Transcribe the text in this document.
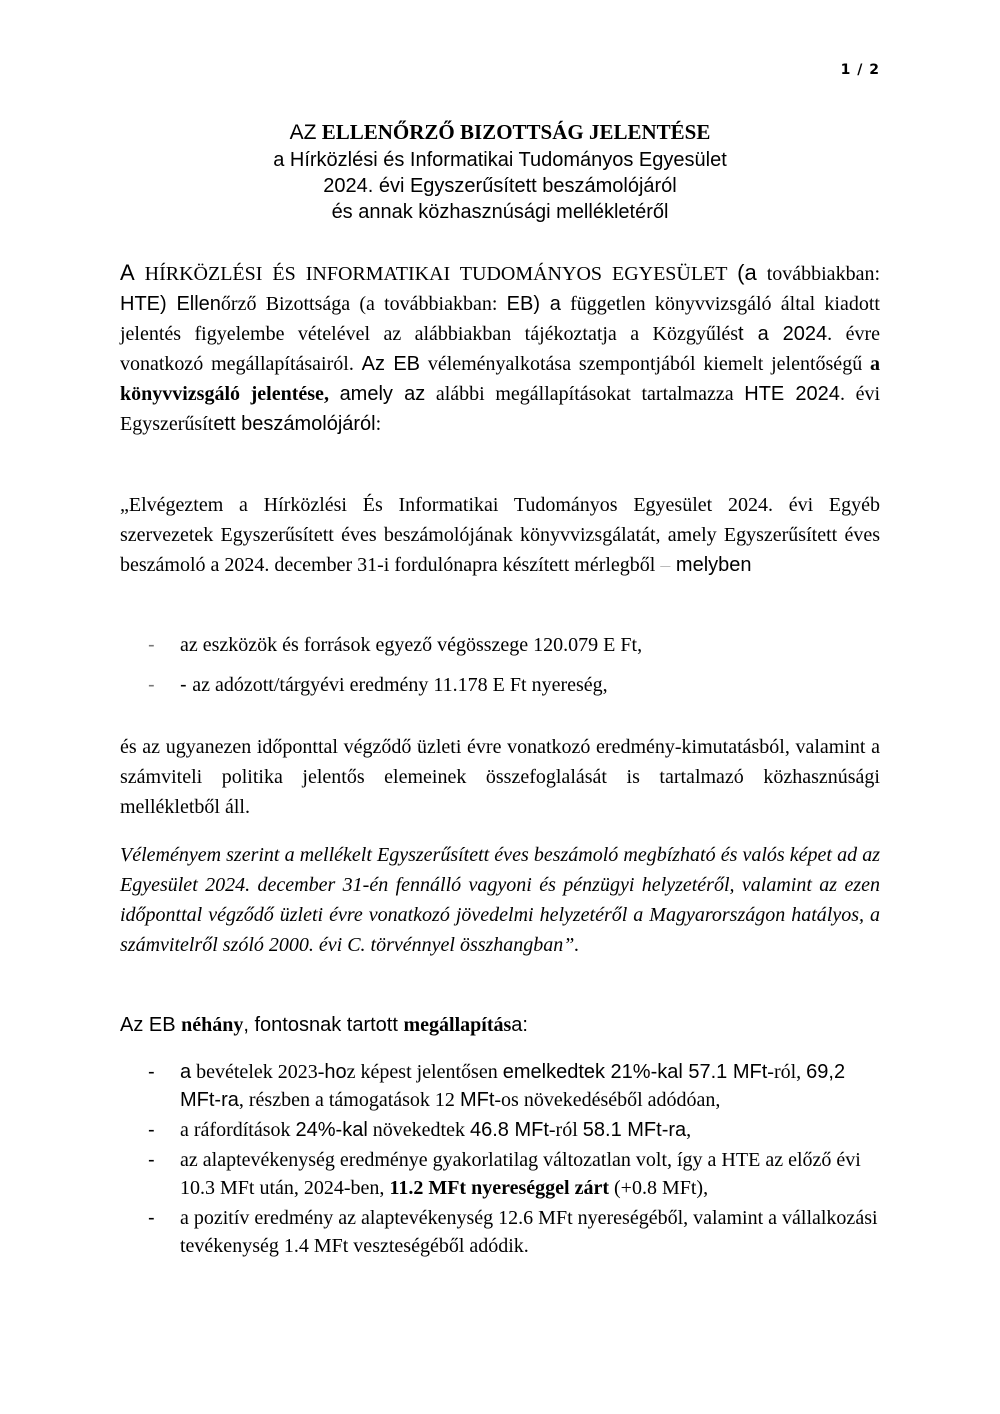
1 / 2
AZ ELLENŐRZŐ BIZOTTSÁG JELENTÉSE
a Hírközlési és Informatikai Tudományos Egyesület
2024. évi Egyszerűsített beszámolójáról
és annak közhasznúsági mellékletéről

A HÍRKÖZLÉSI ÉS INFORMATIKAI TUDOMÁNYOS EGYESÜLET (a továbbiakban: HTE) Ellenőrző Bizottsága (a továbbiakban: EB) a független könyvvizsgáló által kiadott jelentés figyelembe vételével az alábbiakban tájékoztatja a Közgyűlést a 2024. évre vonatkozó megállapításairól. Az EB véleményalkotása szempontjából kiemelt jelentőségű a könyvvizsgáló jelentése, amely az alábbi megállapításokat tartalmazza HTE 2024. évi Egyszerűsített beszámolójáról:

„Elvégeztem a Hírközlési És Informatikai Tudományos Egyesület 2024. évi Egyéb szervezetek Egyszerűsített éves beszámolójának könyvvizsgálatát, amely Egyszerűsített éves beszámoló a 2024. december 31-i fordulónapra készített mérlegből – melyben

- az eszközök és források egyező végösszege 120.079 E Ft,
- - az adózott/tárgyévi eredmény 11.178 E Ft nyereség,

és az ugyanezen időponttal végződő üzleti évre vonatkozó eredmény-kimutatásból, valamint a számviteli politika jelentős elemeinek összefoglalását is tartalmazó közhasznúsági mellékletből áll.

Véleményem szerint a mellékelt Egyszerűsített éves beszámoló megbízható és valós képet ad az Egyesület 2024. december 31-én fennálló vagyoni és pénzügyi helyzetéről, valamint az ezen időponttal végződő üzleti évre vonatkozó jövedelmi helyzetéről a Magyarországon hatályos, a számvitelről szóló 2000. évi C. törvénnyel összhangban”.

Az EB néhány, fontosnak tartott megállapítása:

- a bevételek 2023-hoz képest jelentősen emelkedtek 21%-kal 57.1 MFt-ról, 69,2 MFt-ra, részben a támogatások 12 MFt-os növekedéséből adódóan,
- a ráfordítások 24%-kal növekedtek 46.8 MFt-ról 58.1 MFt-ra,
- az alaptevékenység eredménye gyakorlatilag változatlan volt, így a HTE az előző évi 10.3 MFt után, 2024-ben, 11.2 MFt nyereséggel zárt (+0.8 MFt),
- a pozitív eredmény az alaptevékenység 12.6 MFt nyereségéből, valamint a vállalkozási tevékenység 1.4 MFt veszteségéből adódik.
